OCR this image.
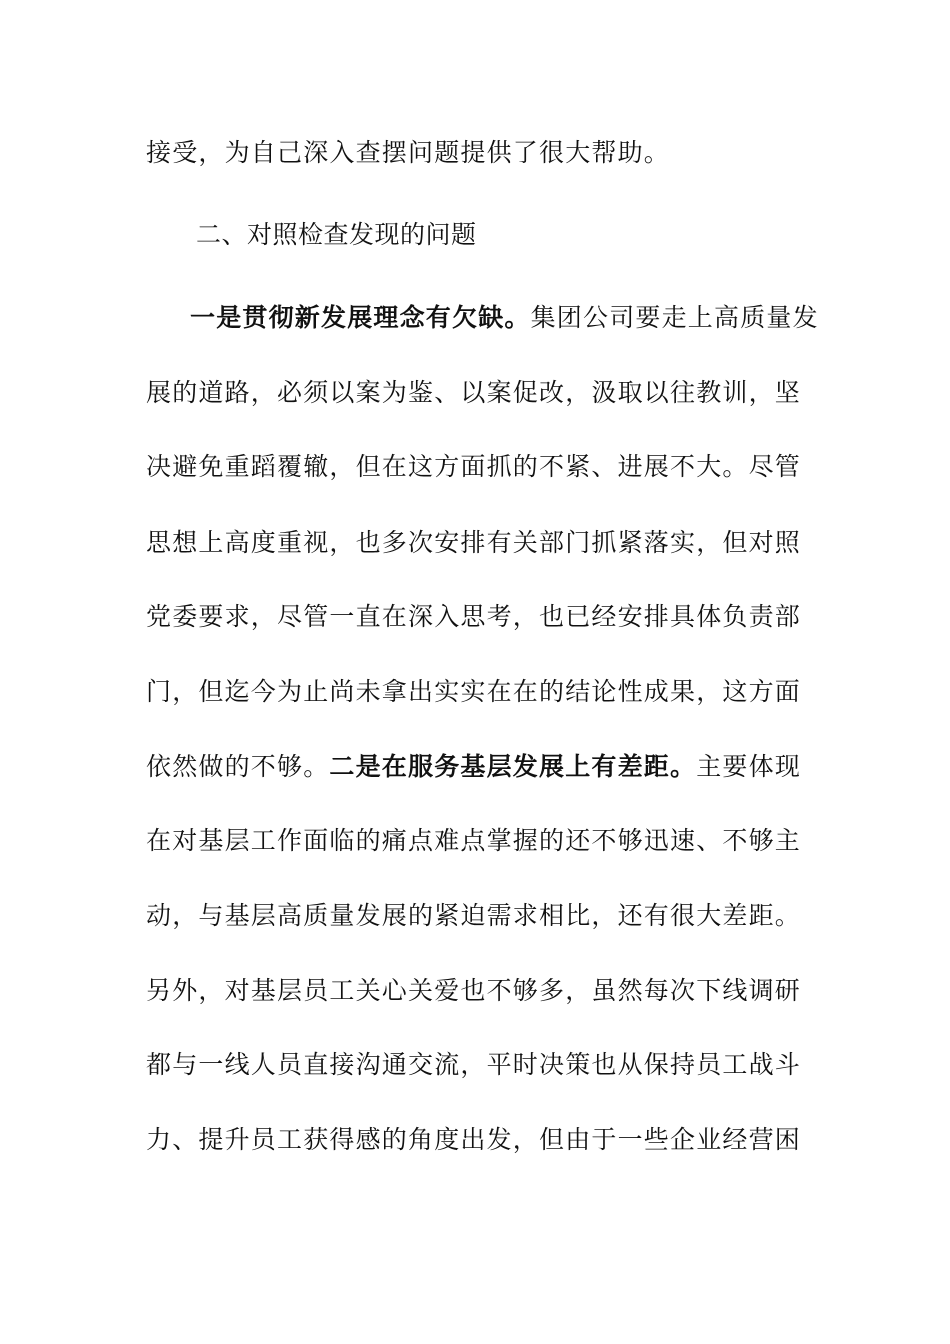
接受，为自己深入查摆问题提供了很大帮助。
二、对照检查发现的问题
一是贯彻新发展理念有欠缺。集团公司要走上高质量发
展的道路，必须以案为鉴、以案促改，汲取以往教训，坚
决避免重蹈覆辙，但在这方面抓的不紧、进展不大。尽管
思想上高度重视，也多次安排有关部门抓紧落实，但对照
党委要求，尽管一直在深入思考，也已经安排具体负责部
门，但迄今为止尚未拿出实实在在的结论性成果，这方面
依然做的不够。二是在服务基层发展上有差距。主要体现
在对基层工作面临的痛点难点掌握的还不够迅速、不够主
动，与基层高质量发展的紧迫需求相比，还有很大差距。
另外，对基层员工关心关爱也不够多，虽然每次下线调研
都与一线人员直接沟通交流，平时决策也从保持员工战斗
力、提升员工获得感的角度出发，但由于一些企业经营困
